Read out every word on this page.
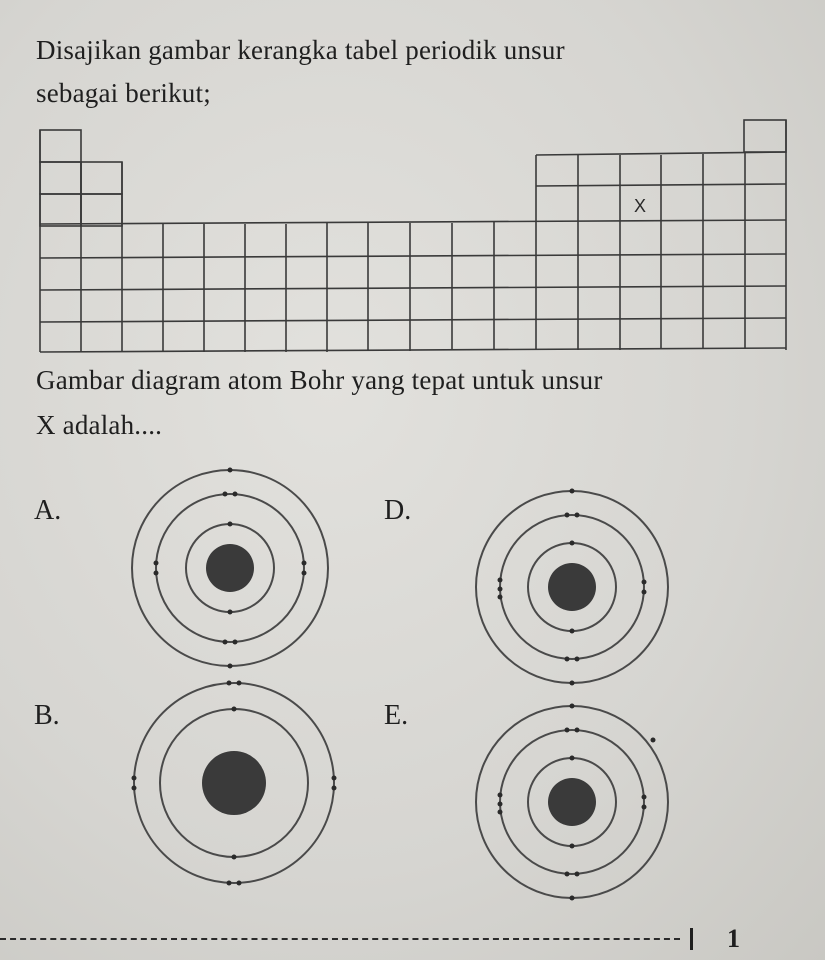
Disajikan gambar kerangka tabel periodik unsur
sebagai berikut;
X
Gambar diagram atom Bohr yang tepat untuk unsur
X adalah....
A.
B.
D.
E.
1
